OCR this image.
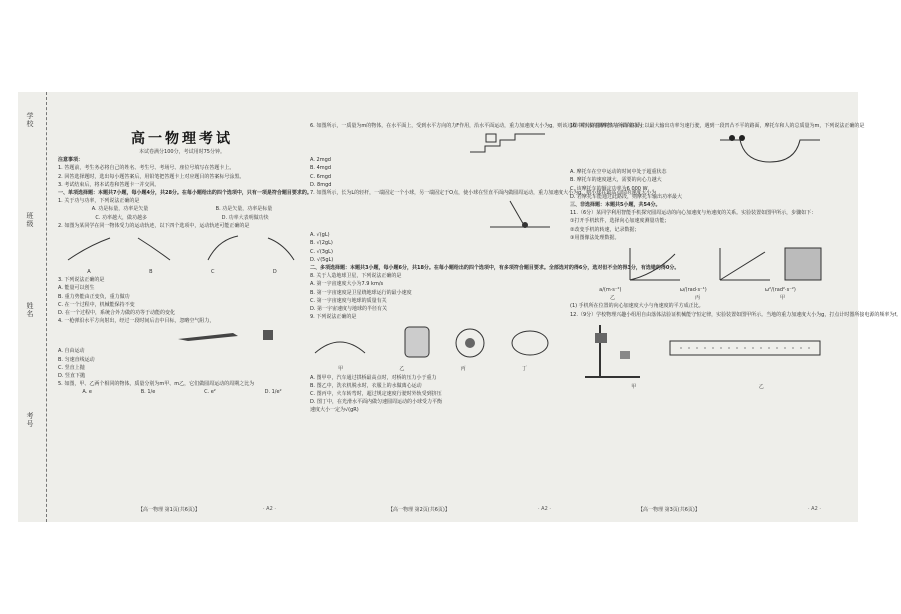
学校
班级
姓名
考号
高一物理考试
本试卷满分100分，考试用时75分钟。
注意事项：
1. 答题前，考生务必将自己的姓名、考生号、考场号、座位号填写在答题卡上。
2. 回答选择题时，选出每小题答案后，用铅笔把答题卡上对应题目的答案标号涂黑。
3. 考试结束后，将本试卷和答题卡一并交回。
一、单项选择题：本题共7小题，每小题4分，共28分。在每小题给出的四个选项中，只有一项是符合题目要求的。
1. 关于功与功率，下列说法正确的是
A. 功是标量，功率是矢量	B. 功是矢量，功率是标量
C. 功率越大，做功越多	D. 功率大表明做功快
2. 如图为某同学在同一物体受力的运动轨迹，以下四个选项中，运动轨迹可能正确的是
A	B	C	D
3. 下列说法正确的是
A. 能量可以创生
B. 重力势能由正变负，重力做功
C. 在一个过程中，机械能保持不变
D. 在一个过程中，系统合外力做的功等于动能的变化
4. 一枪弹沿水平方向射出，经过一段时间后击中目标，忽略空气阻力，
A. 自由运动
B. 匀速直线运动
C. 竖直上抛
D. 竖直下抛
5. 如图，甲、乙两个相同的物体，质量分别为m甲、m乙，它们做圆周运动的周期之比为
A. e	B. 1/e	C. e²	D. 1/e²
【高一物理 第1页(共6页)】	· A2 ·
6. 如图所示，一质量为m的物体，在水平面上，受到水平方向的力F作用，沿水平面运动，重力加速度大小为g，则该过程中物体克服摩擦力所做的功为
A. 2mgd
B. 4mgd
C. 6mgd
D. 8mgd
7. 如图所示，长为L的轻杆，一端固定一个小球，另一端固定于O点，使小球在竖直平面内做圆周运动，重力加速度大小为g，则小球在最高点时的速度大小为
A. √(gL)
B. √(2gL)
C. √(3gL)
D. √(5gL)
二、多项选择题：本题共3小题，每小题6分，共18分。在每小题给出的四个选项中，有多项符合题目要求。全部选对的得6分，选对但不全的得3分，有选错的得0分。
8. 关于人造地球卫星，下列说法正确的是
A. 第一宇宙速度大小为7.9 km/s
B. 第一宇宙速度是卫星绕地球运行的最小速度
C. 第一宇宙速度与地球的质量有关
D. 第一宇宙速度与地球的半径有关
9. 下列说法正确的是
甲	乙	丙	丁
A. 图甲中，汽车通过拱桥最高点时，对桥的压力小于重力
B. 图乙中，洗衣机脱水时，衣服上的水做离心运动
C. 图丙中，火车转弯时，超过规定速度行驶时外轨受到挤压
D. 图丁中，在光滑水平面内做匀速圆周运动的小球受力平衡
速度大小一定为√(gR)
【高一物理 第2页(共6页)】	· A2 ·
10. 某人骑着摩托车在水平路面上以最大输出功率匀速行驶，遇到一段凹凸不平的路面，摩托车和人的总质量为m，下列说法正确的是
A. 摩托车在空中运动的时间中处于超重状态
B. 摩托车的速度越大，需要的向心力越大
C. 该摩托车的额定功率为6 000 W
D. 若摩托车能通过此路段，则摩托车输出功率最大
三、非选择题：本题共5小题，共54分。
11.（6分）某同学利用智能手机探究圆周运动的向心加速度与角速度的关系。实验装置如图甲所示，步骤如下：
①打开手机软件，选择向心加速度测量功能；
②改变手机的转速，记录数据；
③用图像法处理数据。
a/(m·s⁻²)	ω/(rad·s⁻¹)	ω²/(rad²·s⁻²)
乙	丙	甲
(1) 手机所在位置的向心加速度大小与角速度的平方成正比。
12.（9分）学校物理兴趣小组用自由落体法验证机械能守恒定律，实验装置如图甲所示。当地的重力加速度大小为g，打点计时器所接电源的频率为f。
甲	乙
【高一物理 第3页(共6页)】	· A2 ·
